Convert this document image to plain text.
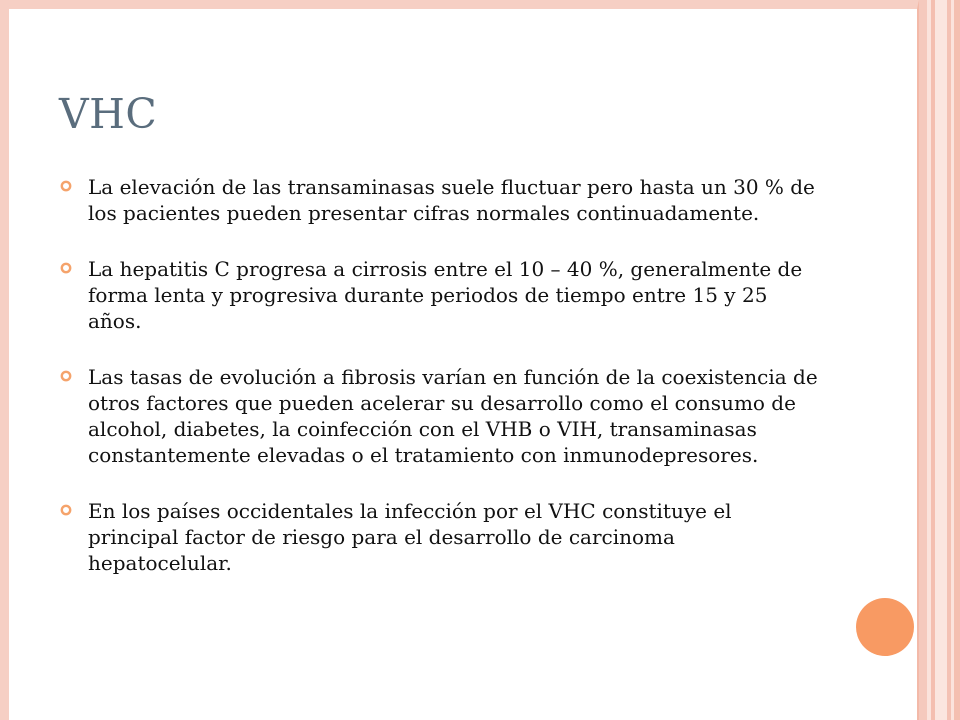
VHC
La elevación de las transaminasas suele fluctuar pero hasta un 30 % de los pacientes pueden presentar cifras normales continuadamente.
La hepatitis C progresa a cirrosis entre el 10 – 40 %, generalmente de forma lenta y progresiva durante periodos de tiempo entre 15 y 25 años.
Las tasas de evolución a fibrosis varían en función de la coexistencia de otros factores que pueden acelerar su desarrollo como el consumo de alcohol, diabetes, la coinfección con el VHB o VIH, transaminasas constantemente elevadas o el tratamiento con inmunodepresores.
En los países occidentales la infección por el VHC constituye el principal factor de riesgo para el desarrollo de carcinoma hepatocelular.
